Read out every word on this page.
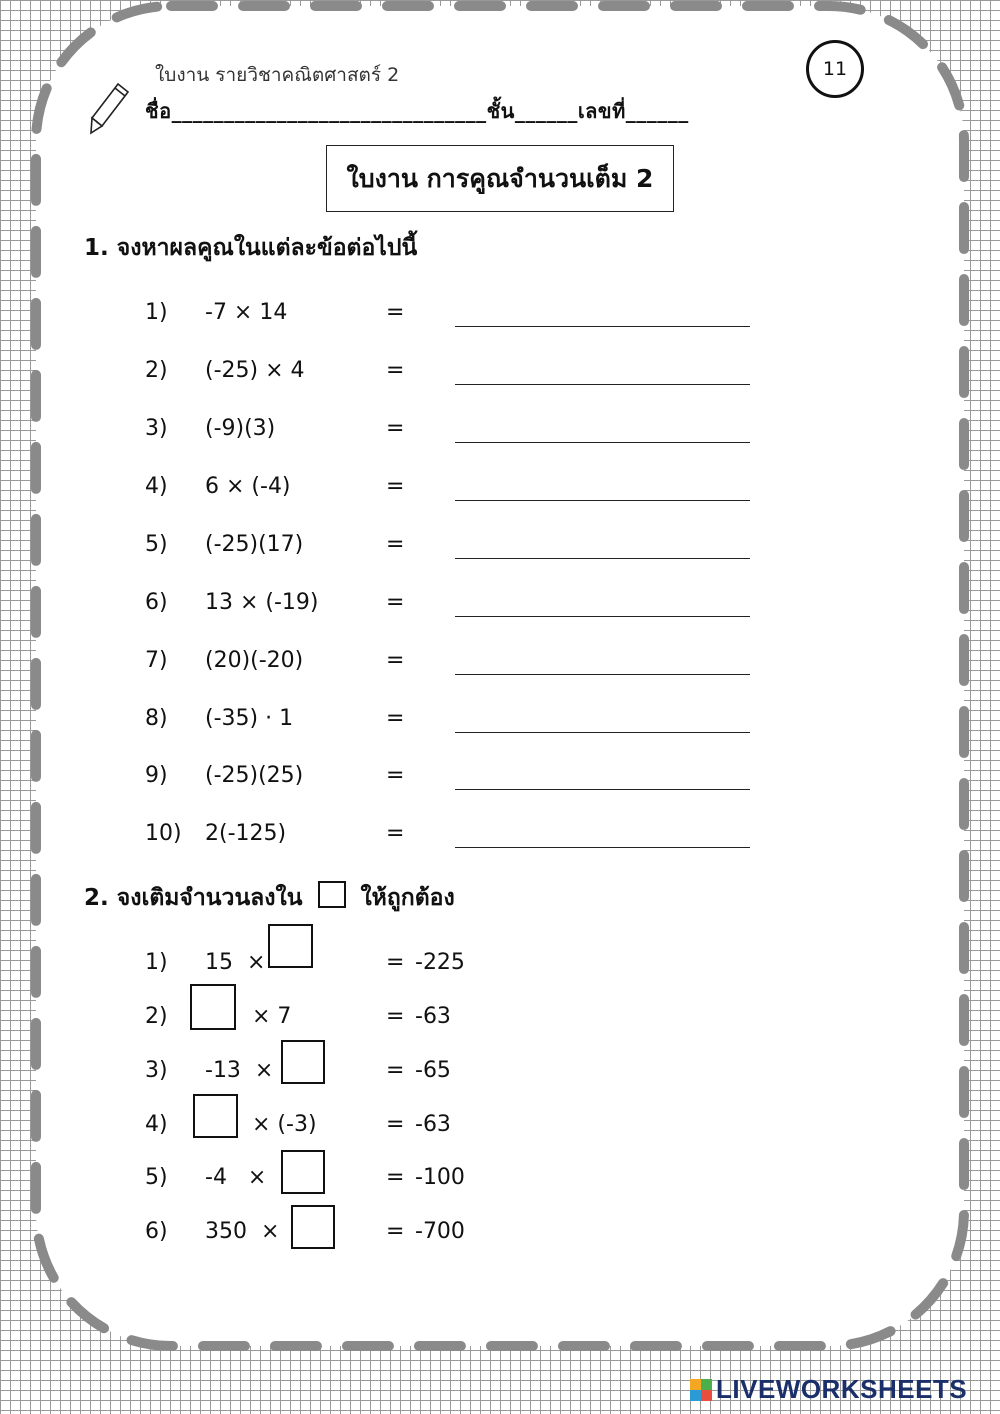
ใบงาน รายวิชาคณิตศาสตร์ 2
ชื่อ______________________________ชั้น______เลขที่______
11
ใบงาน การคูณจำนวนเต็ม 2
1. จงหาผลคูณในแต่ละข้อต่อไปนี้
1) -7 × 14	=
2) (-25) × 4	=
3) (-9)(3)	=
4) 6 × (-4)	=
5) (-25)(17)	=
6) 13 × (-19)	=
7) (20)(-20)	=
8) (-35) · 1	=
9) (-25)(25)	=
10) 2(-125)	=
2. จงเติมจำนวนลงใน	ให้ถูกต้อง
1) 15  ×	= -225
2)	× 7	= -63
3) -13  ×	= -65
4)	× (-3)	= -63
5) -4   ×	= -100
6) 350  ×	= -700
LIVEWORKSHEETS
